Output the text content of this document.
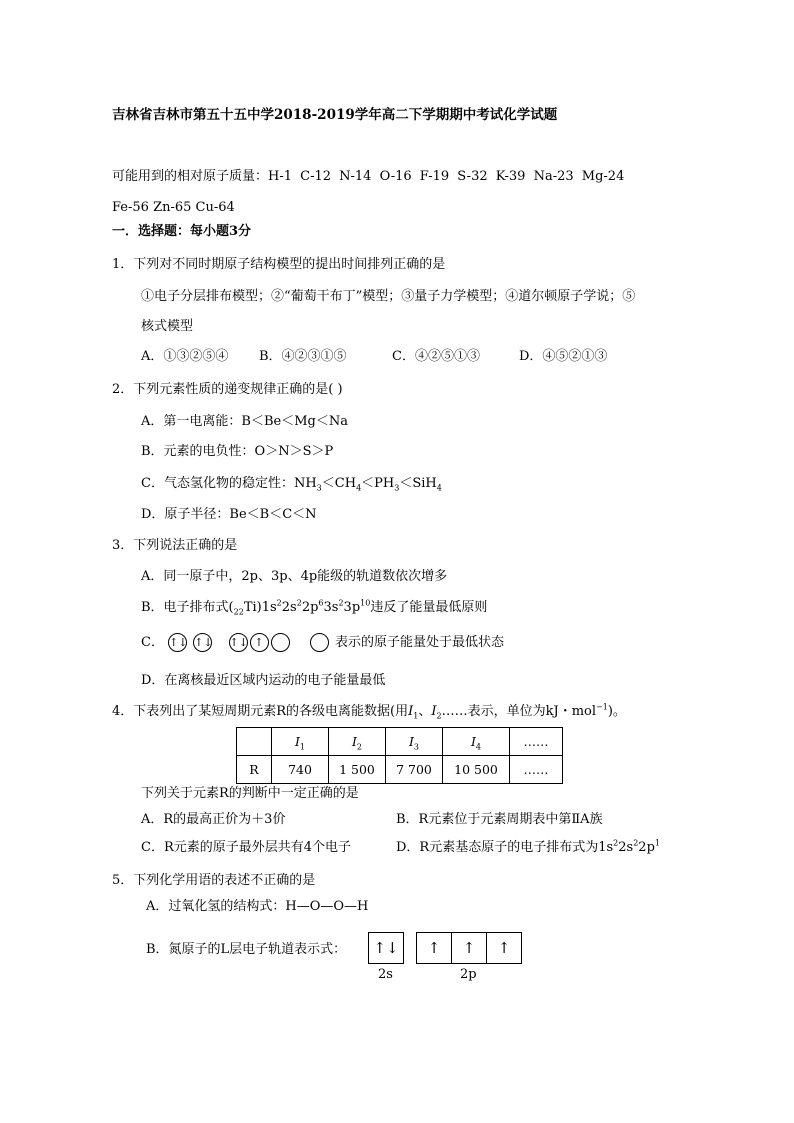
吉林省吉林市第五十五中学2018-2019学年高二下学期期中考试化学试题
可能用到的相对原子质量：H-1 C-12 N-14 O-16 F-19 S-32 K-39 Na-23 Mg-24
Fe-56 Zn-65 Cu-64
一．选择题：每小题3分
1．下列对不同时期原子结构模型的提出时间排列正确的是
①电子分层排布模型；②“葡萄干布丁”模型；③量子力学模型；④道尔顿原子学说；⑤
核式模型
A．①③②⑤④ B．④②③①⑤	C．④②⑤①③	D．④⑤②①③
2．下列元素性质的递变规律正确的是( )
A．第一电离能：B＜Be＜Mg＜Na
B．元素的电负性：O＞N＞S＞P
C．气态氢化物的稳定性：$NH_3<CH_4<PH_3<SiH_4$
D．原子半径：Be＜B＜C＜N
3．下列说法正确的是
A．同一原子中，2p、3p、4p能级的轨道数依次增多
B．电子排布式$(_{22}Ti)1s^22s^22p^63s^23p^{10}$违反了能量最低原则
C． ↑↓ ↑↓ ↑↓ ↑	表示的原子能量处于最低状态
D．在离核最近区域内运动的电子能量最低
4．下表列出了某短周期元素R的各级电离能数据(用$I_1$、$I_2\dots\dots$表示，单位为kJ・mol$^{-1}$)。
	$I_1$	$I_2$	$I_3$	$I_4$	……
R	740	1 500	7 700	10 500	……
下列关于元素R的判断中一定正确的是
A．R的最高正价为＋3价	B．R元素位于元素周期表中第ⅡA族
C．R元素的原子最外层共有4个电子	D．R元素基态原子的电子排布式为$1s^22s^22p^1$
5．下列化学用语的表述不正确的是
A．过氧化氢的结构式：H—O—O—H
B．氮原子的L层电子轨道表示式：	↑↓	↑	↑	↑
2s	2p
